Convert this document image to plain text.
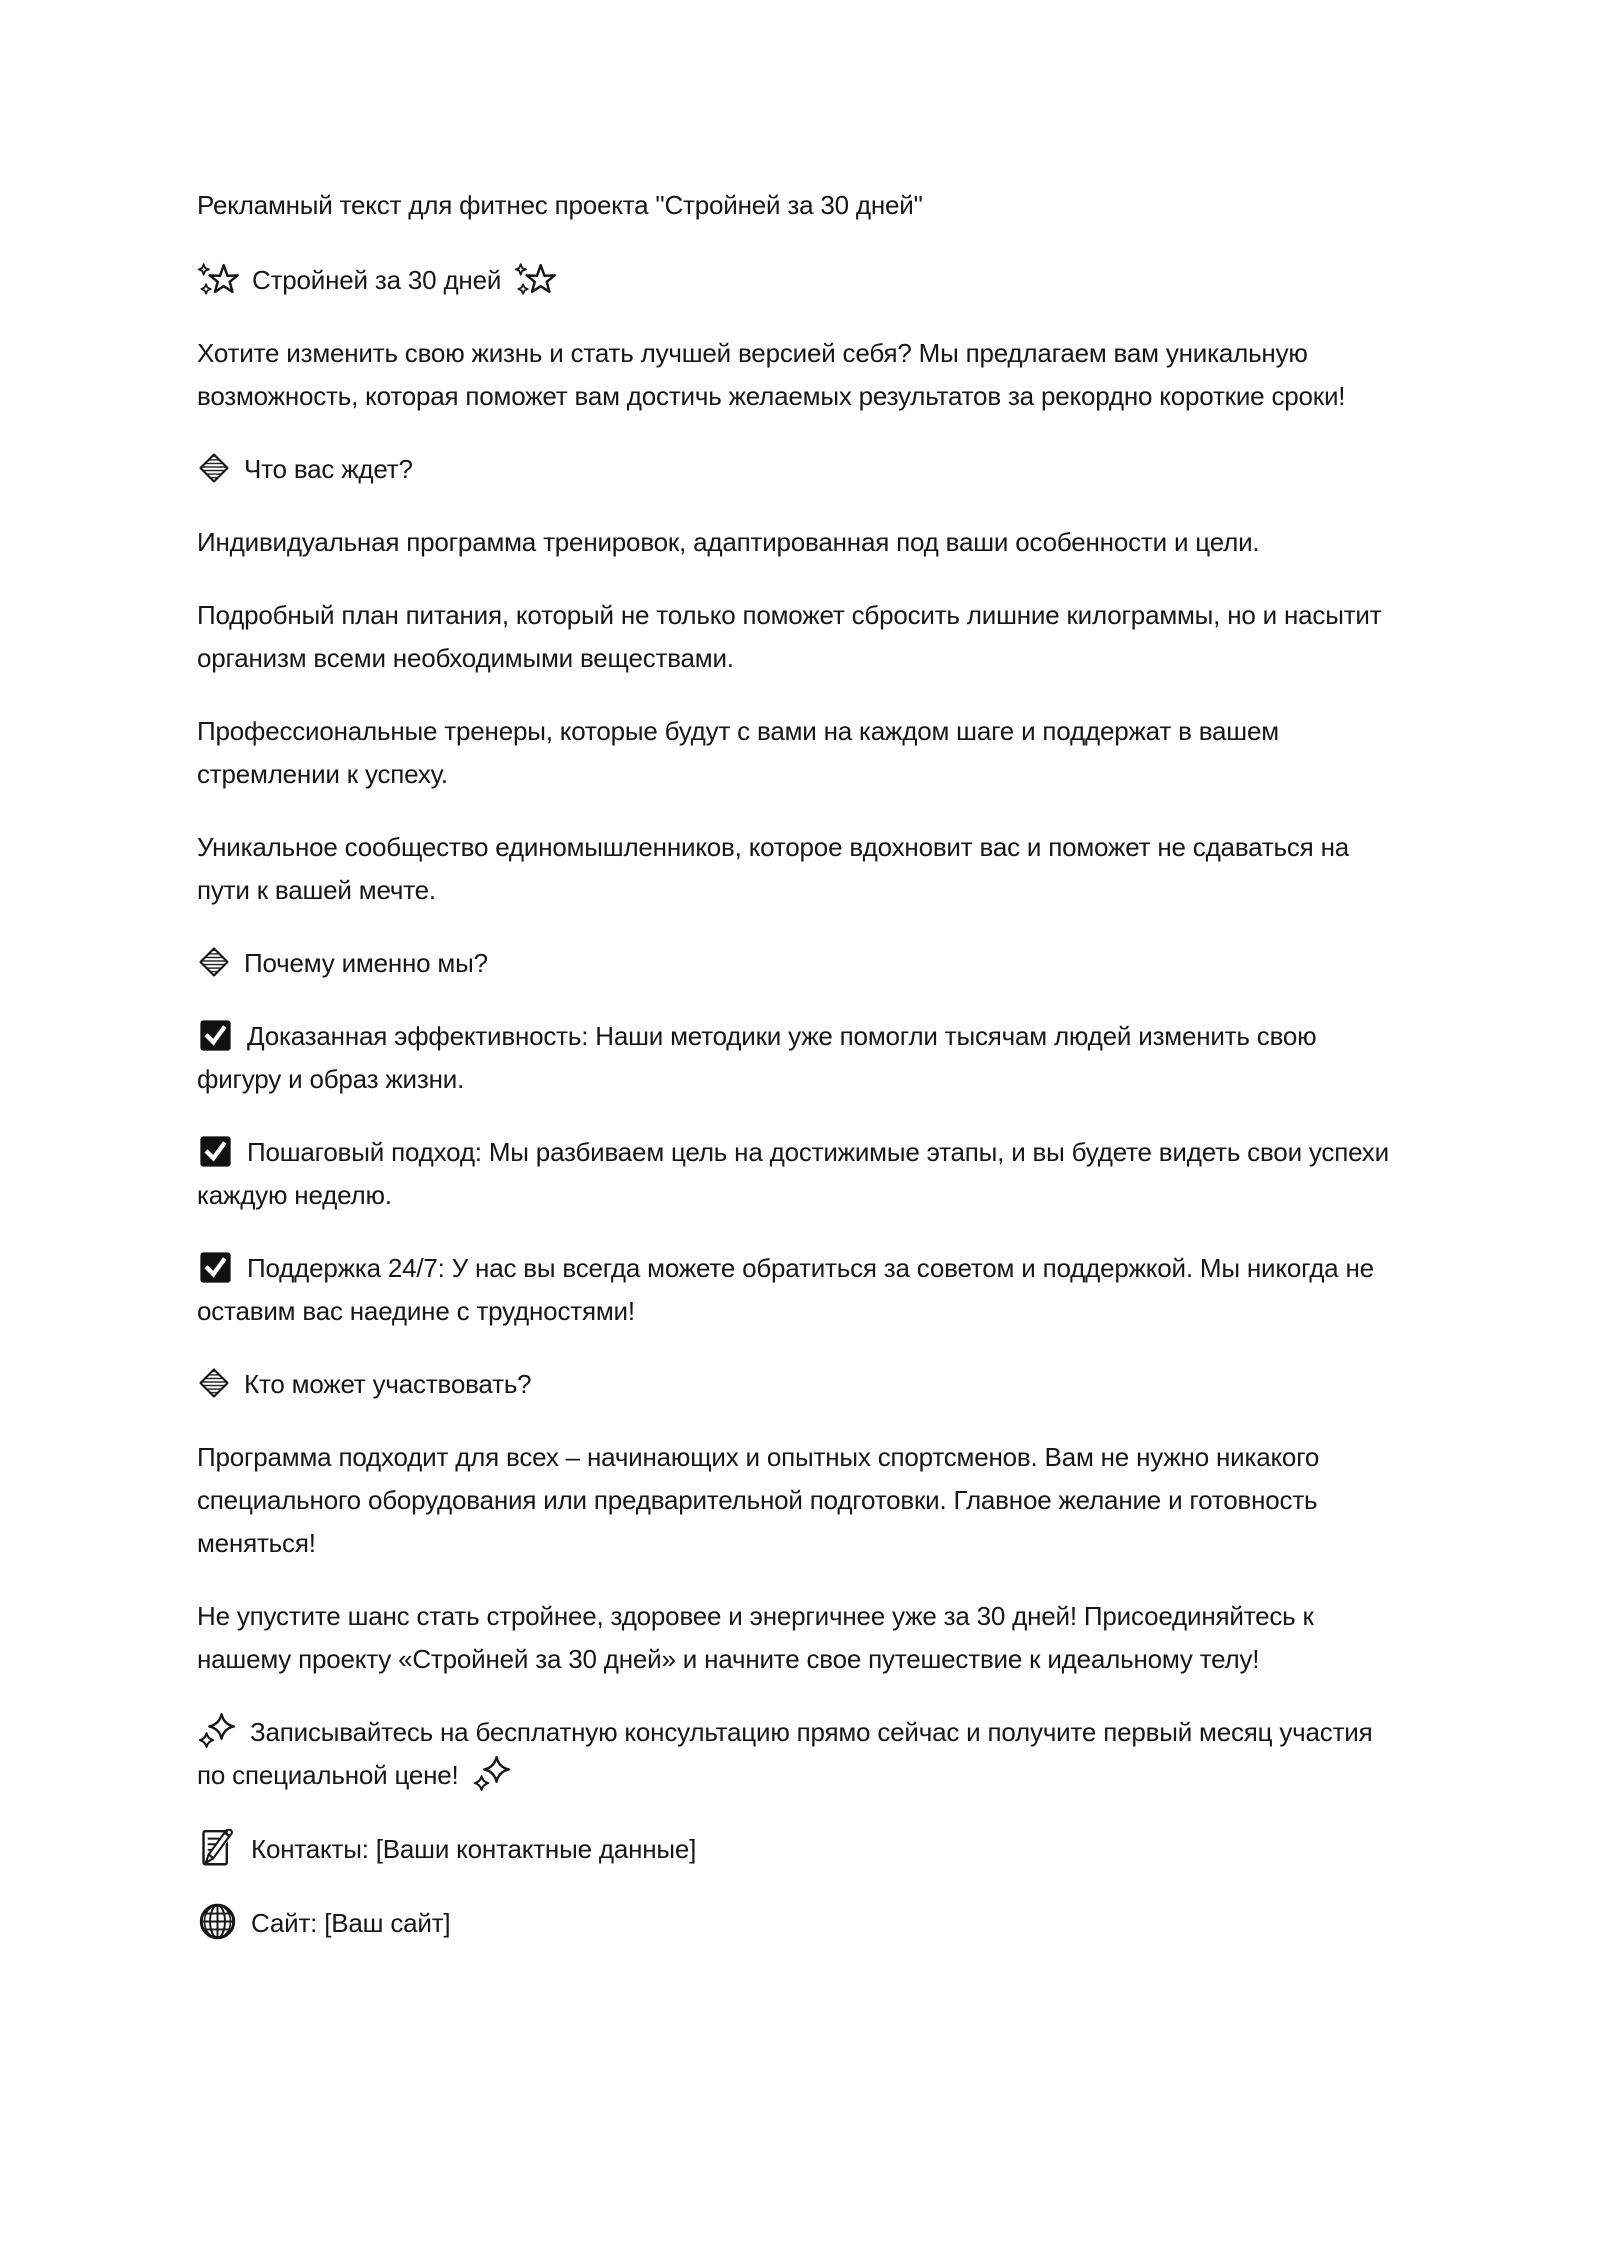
Рекламный текст для фитнес проекта "Стройней за 30 дней"

Стройней за 30 дней

Хотите изменить свою жизнь и стать лучшей версией себя? Мы предлагаем вам уникальную возможность, которая поможет вам достичь желаемых результатов за рекордно короткие сроки!

Что вас ждет?

Индивидуальная программа тренировок, адаптированная под ваши особенности и цели.

Подробный план питания, который не только поможет сбросить лишние килограммы, но и насытит организм всеми необходимыми веществами.

Профессиональные тренеры, которые будут с вами на каждом шаге и поддержат в вашем стремлении к успеху.

Уникальное сообщество единомышленников, которое вдохновит вас и поможет не сдаваться на пути к вашей мечте.

Почему именно мы?

Доказанная эффективность: Наши методики уже помогли тысячам людей изменить свою фигуру и образ жизни.

Пошаговый подход: Мы разбиваем цель на достижимые этапы, и вы будете видеть свои успехи каждую неделю.

Поддержка 24/7: У нас вы всегда можете обратиться за советом и поддержкой. Мы никогда не оставим вас наедине с трудностями!

Кто может участвовать?

Программа подходит для всех – начинающих и опытных спортсменов. Вам не нужно никакого специального оборудования или предварительной подготовки. Главное желание и готовность меняться!

Не упустите шанс стать стройнее, здоровее и энергичнее уже за 30 дней! Присоединяйтесь к нашему проекту «Стройней за 30 дней» и начните свое путешествие к идеальному телу!

Записывайтесь на бесплатную консультацию прямо сейчас и получите первый месяц участия по специальной цене!

Контакты: [Ваши контактные данные]

Сайт: [Ваш сайт]
